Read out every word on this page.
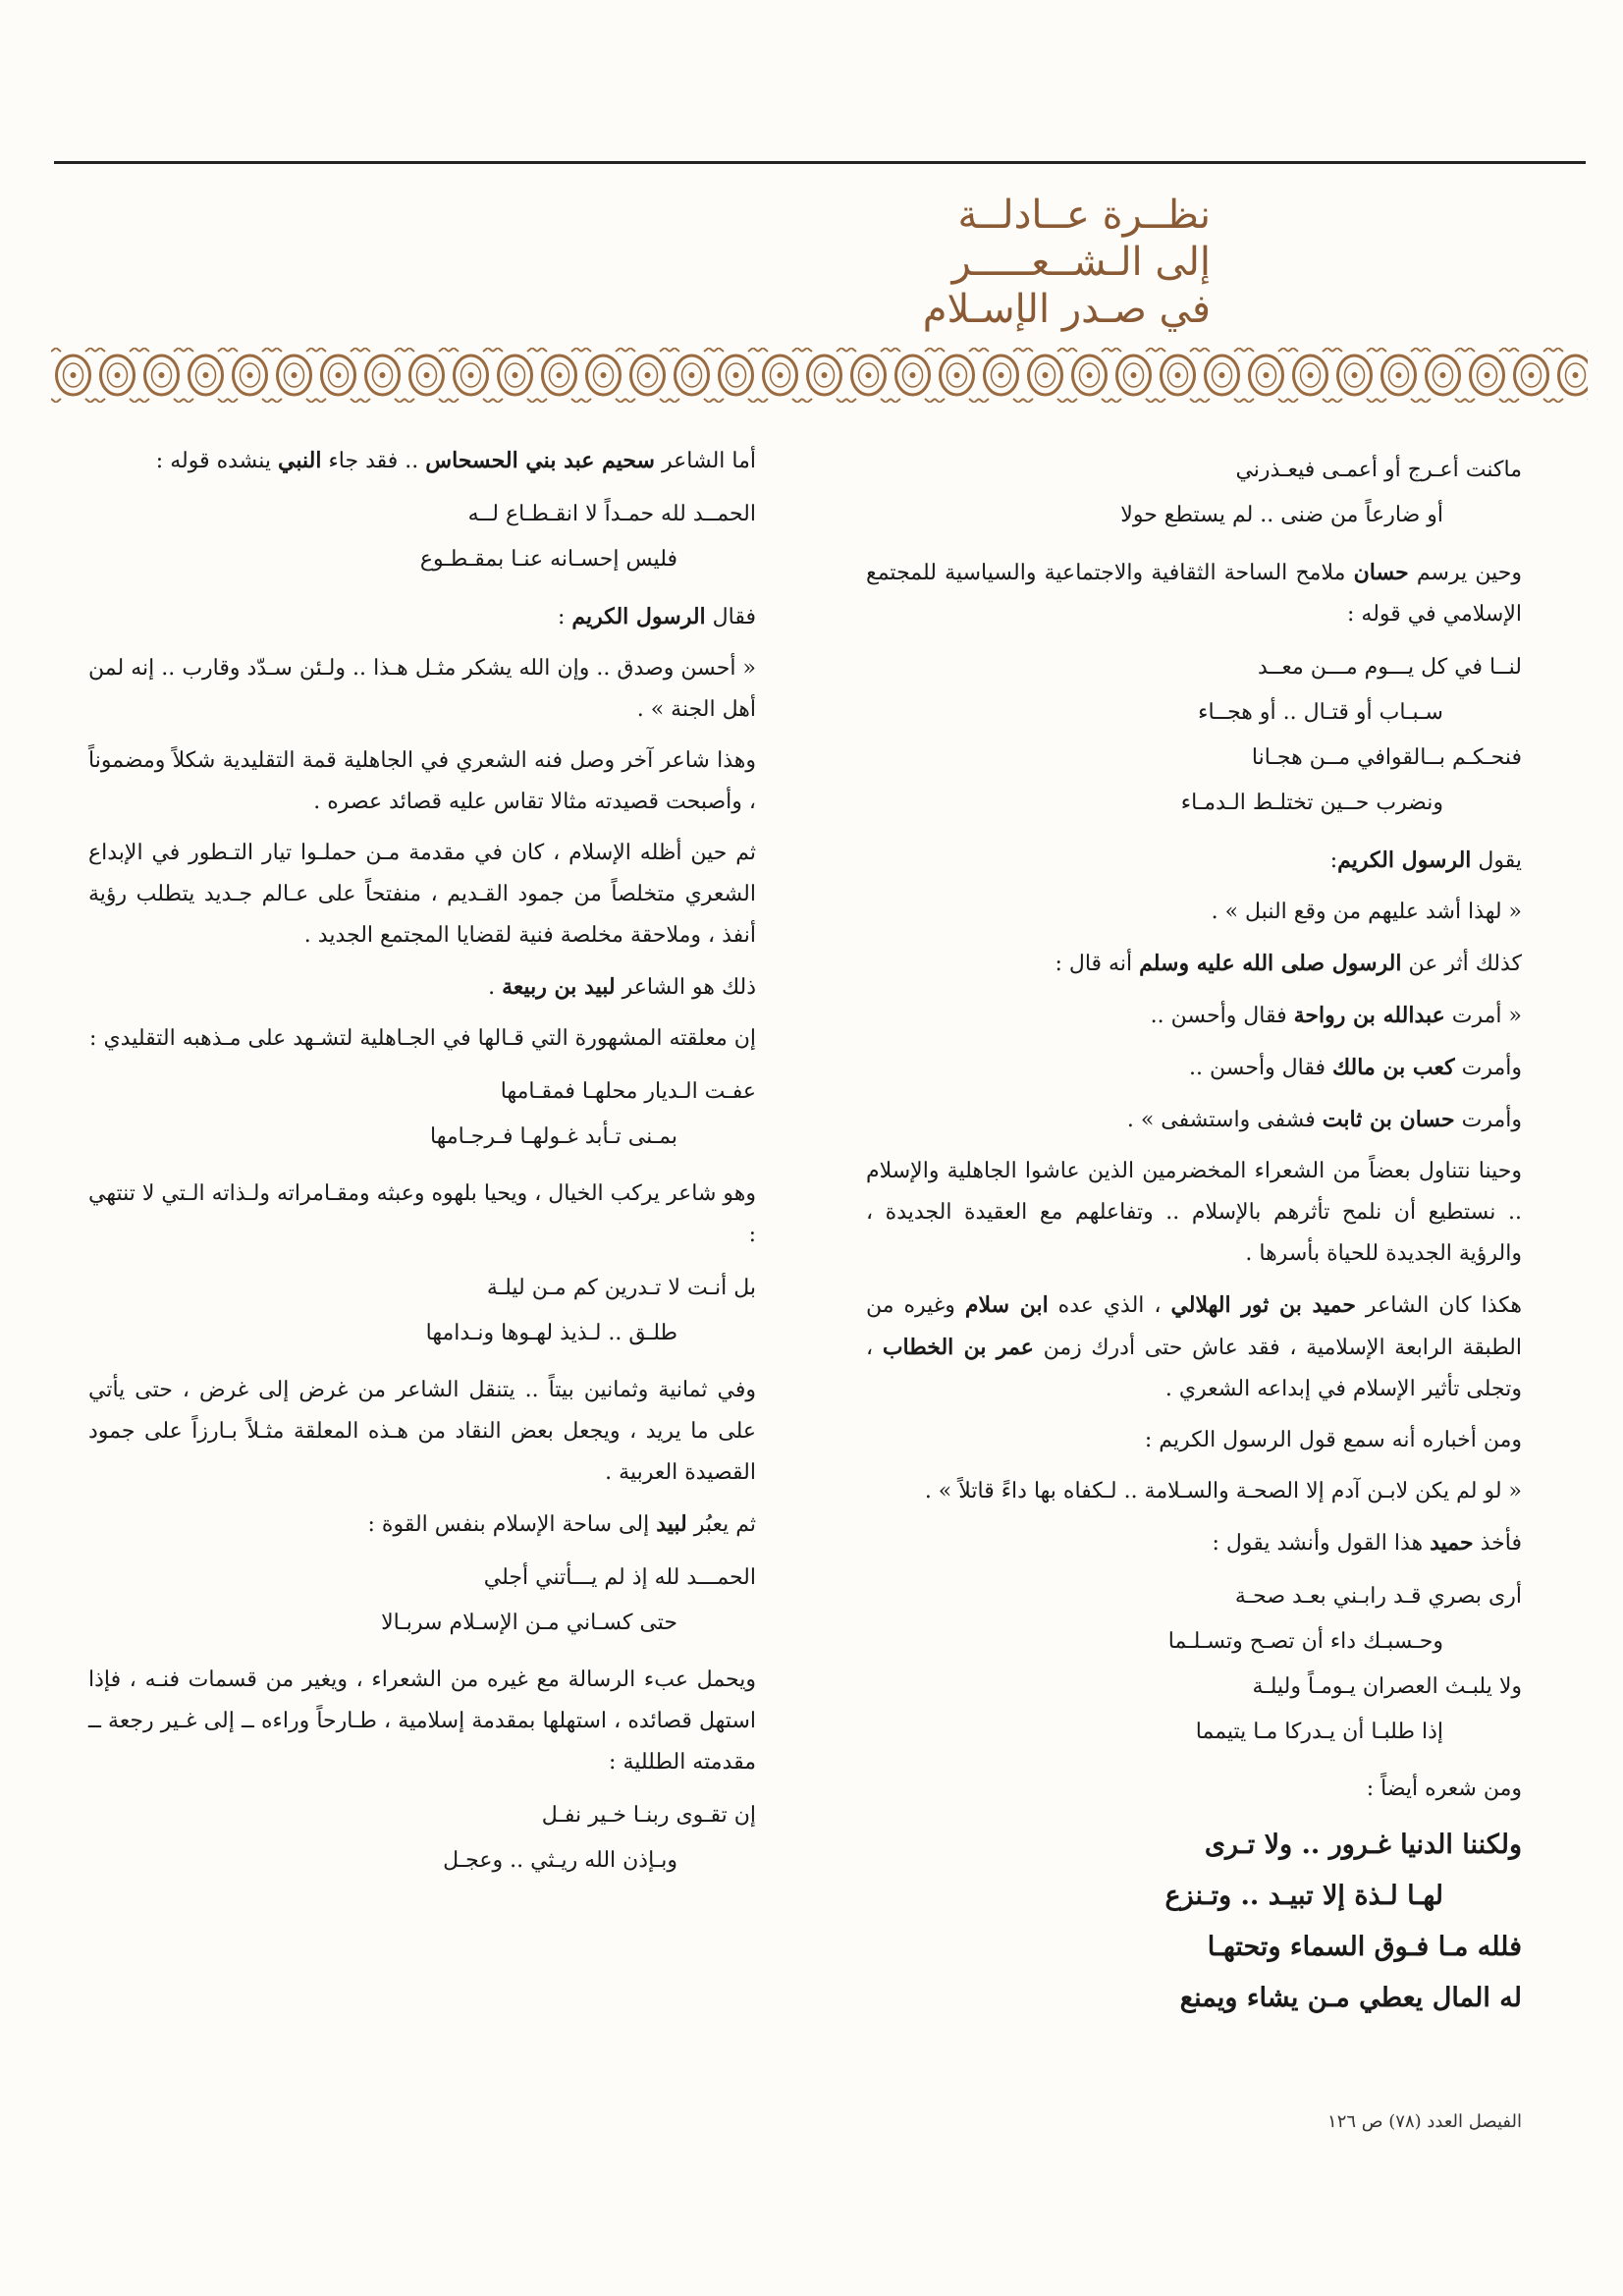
نظــرة عــادلــة
إلى الـشــعـــــر
في صـدر الإسـلام
ماكنت أعـرج أو أعمـى فيعـذرني
أو ضارعاً من ضنى .. لم يستطع حولا

وحين يرسم حسان ملامح الساحة الثقافية والاجتماعية والسياسية للمجتمع الإسلامي في قوله :

لنــا في كل يـــوم مـــن معــد
سـبـاب أو قتـال .. أو هجــاء
فنحـكـم بــالقوافي مــن هجـانا
ونضرب حــين تختلـط الـدمـاء

يقول الرسول الكريم:

« لهذا أشد عليهم من وقع النبل » .

كذلك أثر عن الرسول صلى الله عليه وسلم أنه قال :

« أمرت عبدالله بن رواحة فقال وأحسن ..

وأمرت كعب بن مالك فقال وأحسن ..

وأمرت حسان بن ثابت فشفى واستشفى » .

وحينا نتناول بعضاً من الشعراء المخضرمين الذين عاشوا الجاهلية والإسلام .. نستطيع أن نلمح تأثرهم بالإسلام .. وتفاعلهم مع العقيدة الجديدة ، والرؤية الجديدة للحياة بأسرها .

هكذا كان الشاعر حميد بن ثور الهلالي ، الذي عده ابن سلام وغيره من الطبقة الرابعة الإسلامية ، فقد عاش حتى أدرك زمن عمر بن الخطاب ، وتجلى تأثير الإسلام في إبداعه الشعري .

ومن أخباره أنه سمع قول الرسول الكريم :

« لو لم يكن لابـن آدم إلا الصحـة والسـلامة .. لـكفاه بها داءً قاتلاً » .

فأخذ حميد هذا القول وأنشد يقول :

أرى بصري قـد رابـني بعـد صحـة
وحـسبـك داء أن تصـح وتسـلـما
ولا يلبـث العصران يـومـاً وليلـة
إذا طلبـا أن يـدركا مـا يتيمما

ومن شعره أيضاً :

ولكننا الدنيا غـرور .. ولا تـرى
لهـا لـذة إلا تبيـد .. وتـنزع
فلله مـا فـوق السماء وتحتهـا
له المال يعطي مـن يشاء ويمنع

أما الشاعر سحيم عبد بني الحسحاس .. فقد جاء النبي ينشده قوله :

الحمــد لله حمـداً لا انقـطـاع لــه
فليس إحسـانه عنـا بمقـطـوع

فقال الرسول الكريم :

« أحسن وصدق .. وإن الله يشكر مثـل هـذا .. ولـئن سـدّد وقارب .. إنه لمن أهل الجنة » .

وهذا شاعر آخر وصل فنه الشعري في الجاهلية قمة التقليدية شكلاً ومضموناً ، وأصبحت قصيدته مثالا تقاس عليه قصائد عصره .

ثم حين أظله الإسلام ، كان في مقدمة مـن حملـوا تيار التـطور في الإبداع الشعري متخلصاً من جمود القـديم ، منفتحاً على عـالم جـديد يتطلب رؤية أنفذ ، وملاحقة مخلصة فنية لقضايا المجتمع الجديد .

ذلك هو الشاعر لبيد بن ربيعة .

إن معلقته المشهورة التي قـالها في الجـاهلية لتشـهد على مـذهبه التقليدي :

عفـت الـديار محلهـا فمقـامها
بمـنى تـأبد غـولهـا فـرجـامها

وهو شاعر يركب الخيال ، ويحيا بلهوه وعبثه ومقـامراته ولـذاته الـتي لا تنتهي :

بل أنـت لا تـدرين كم مـن ليلـة
طلـق .. لـذيذ لهـوها ونـدامها

وفي ثمانية وثمانين بيتاً .. يتنقل الشاعر من غرض إلى غرض ، حتى يأتي على ما يريد ، ويجعل بعض النقاد من هـذه المعلقة مثـلاً بـارزاً على جمود القصيدة العربية .

ثم يعبُر لبيد إلى ساحة الإسلام بنفس القوة :

الحمـــد لله إذ لم يـــأتني أجلي
حتى كسـاني مـن الإسـلام سربـالا

ويحمل عبء الرسالة مع غيره من الشعراء ، ويغير من قسمات فنـه ، فإذا استهل قصائده ، استهلها بمقدمة إسلامية ، طـارحاً وراءه ــ إلى غـير رجعة ــ مقدمته الطللية :

إن تقـوى ربنـا خـير نفـل
وبـإذن الله ريـثي .. وعجـل
الفيصل العدد (٧٨) ص ١٢٦
